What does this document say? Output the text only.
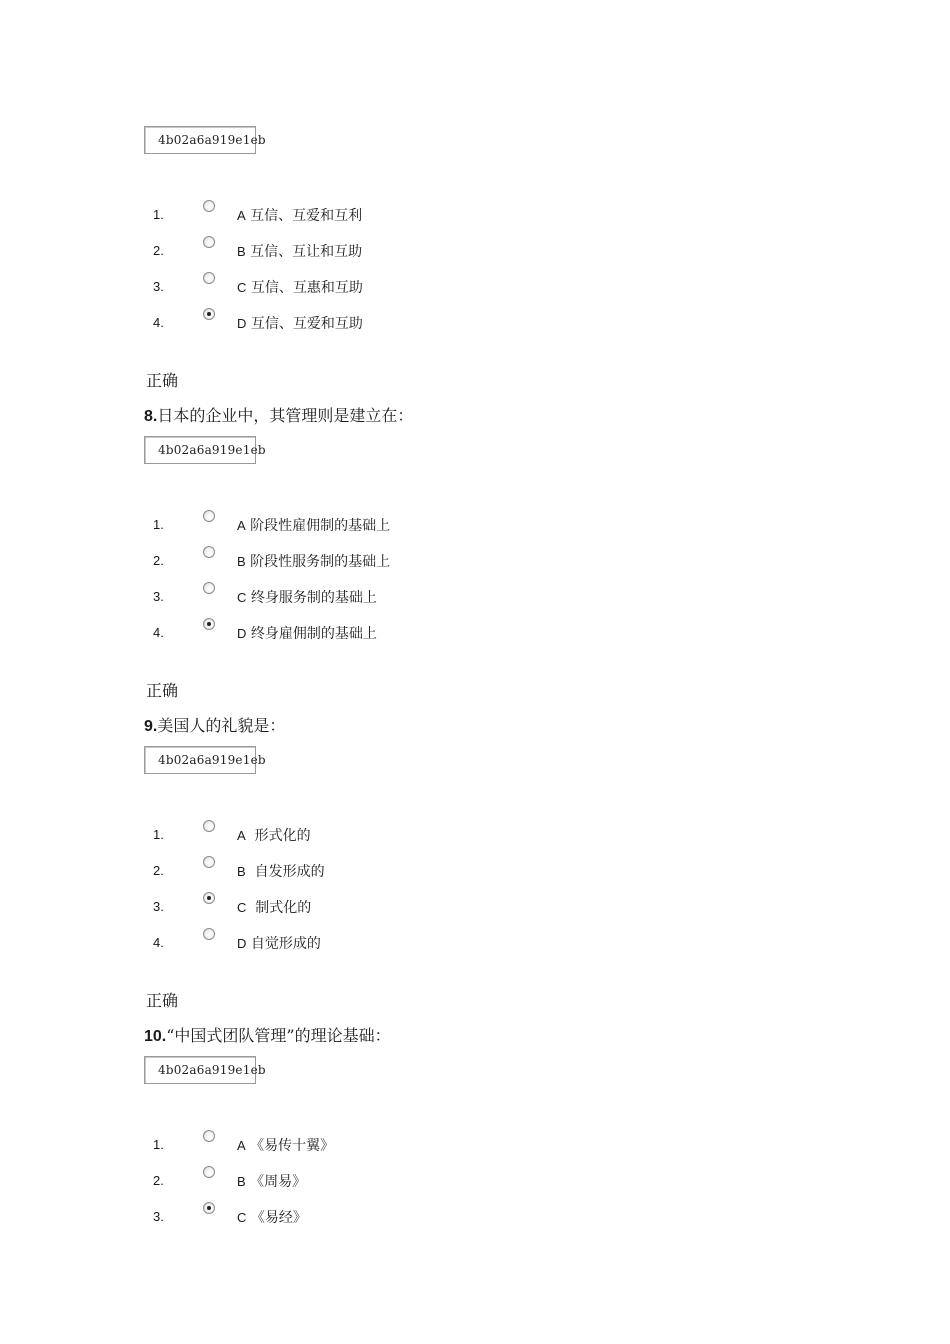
4b02a6a919e1eb
1.	A 互信、互爱和互利
2.	B 互信、互让和互助
3.	C 互信、互惠和互助
4.	D 互信、互爱和互助
正确
8.日本的企业中，其管理则是建立在：
4b02a6a919e1eb
1.	A 阶段性雇佣制的基础上
2.	B 阶段性服务制的基础上
3.	C 终身服务制的基础上
4.	D 终身雇佣制的基础上
正确
9.美国人的礼貌是：
4b02a6a919e1eb
1.	A  形式化的
2.	B  自发形成的
3.	C  制式化的
4.	D 自觉形成的
正确
10.“中国式团队管理”的理论基础：
4b02a6a919e1eb
1.	A 《易传十翼》
2.	B 《周易》
3.	C 《易经》
